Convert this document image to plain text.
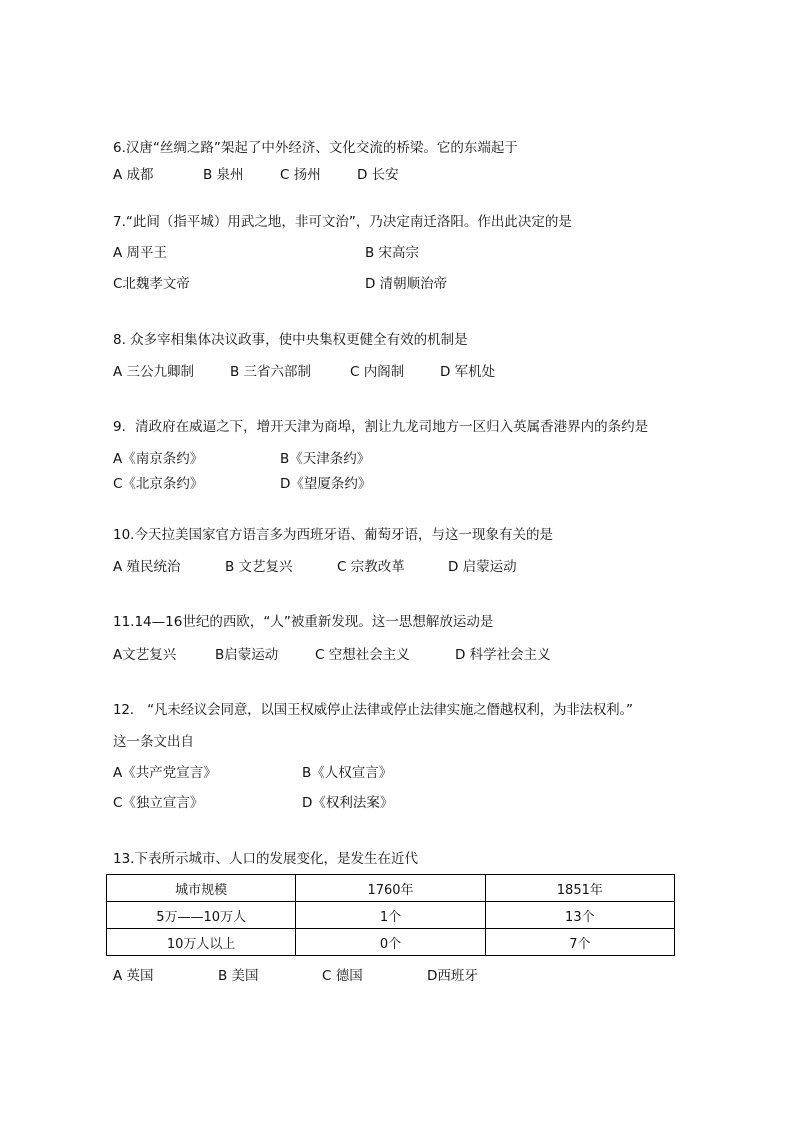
6.汉唐“丝绸之路”架起了中外经济、文化交流的桥梁。它的东端起于
A 成都	B 泉州	C 扬州	D 长安
7.“此间（指平城）用武之地，非可文治”，乃决定南迁洛阳。作出此决定的是
A 周平王	B 宋高宗
C北魏孝文帝	D 清朝顺治帝
8. 众多宰相集体决议政事，使中央集权更健全有效的机制是
A 三公九卿制	B 三省六部制	C 内阁制	D 军机处
9．清政府在威逼之下，增开天津为商埠，割让九龙司地方一区归入英属香港界内的条约是
A《南京条约》	B《天津条约》
C《北京条约》	D《望厦条约》
10.今天拉美国家官方语言多为西班牙语、葡萄牙语，与这一现象有关的是
A 殖民统治	B 文艺复兴	C 宗教改革	D 启蒙运动
11.14—16世纪的西欧，“人”被重新发现。这一思想解放运动是
A文艺复兴	B启蒙运动	C 空想社会主义	D 科学社会主义
12.　“凡未经议会同意，以国王权威停止法律或停止法律实施之僭越权利，为非法权利。”
这一条文出自
A《共产党宣言》	B《人权宣言》
C《独立宣言》	D《权利法案》
13.下表所示城市、人口的发展变化，是发生在近代
城市规模	1760年	1851年
5万——10万人	1个	13个
10万人以上	0个	7个
A 英国	B 美国	C 德国	D西班牙
